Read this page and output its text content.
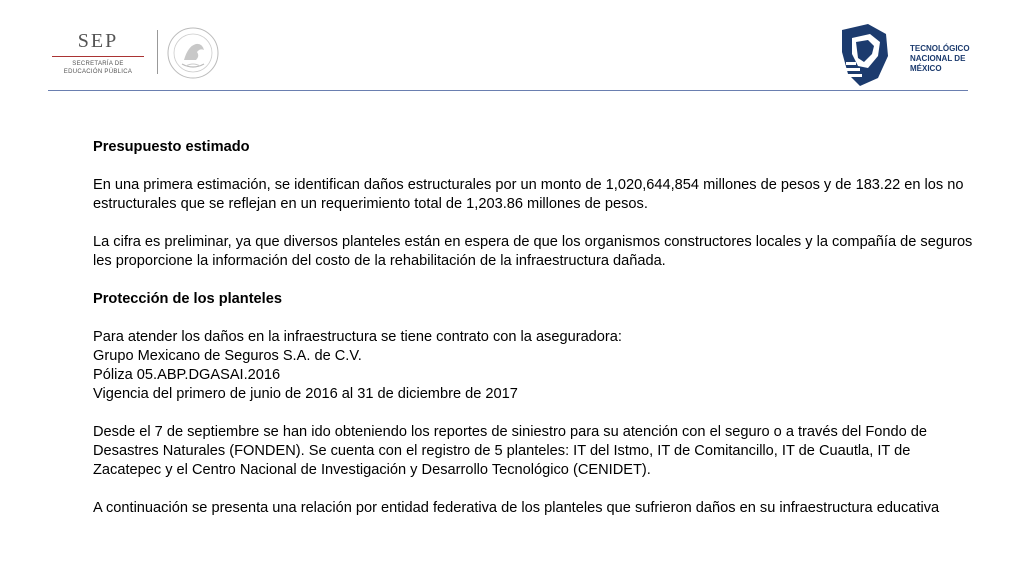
SEP
SECRETARÍA DE
EDUCACIÓN PÚBLICA
TECNOLÓGICO
NACIONAL DE MÉXICO

Presupuesto estimado

En una primera estimación, se identifican daños estructurales por un monto de 1,020,644,854 millones de pesos y de 183.22 en los no estructurales que se reflejan en un requerimiento total de 1,203.86 millones de pesos.

La cifra es preliminar, ya que diversos planteles están en espera de que los organismos constructores locales y la compañía de seguros les proporcione la información del costo de la rehabilitación de la infraestructura dañada.

Protección de los planteles

Para atender los daños en la infraestructura se tiene contrato con la aseguradora:

Grupo Mexicano de Seguros S.A. de C.V.

Póliza 05.ABP.DGASAI.2016

Vigencia del primero de junio de 2016 al 31 de diciembre de 2017

Desde el 7 de septiembre se han ido obteniendo los reportes de siniestro para su atención con el seguro o a través del Fondo de Desastres Naturales (FONDEN). Se cuenta con el registro de 5 planteles: IT del Istmo, IT de Comitancillo, IT de Cuautla, IT de Zacatepec y el Centro Nacional de Investigación y Desarrollo Tecnológico (CENIDET).

A continuación se presenta una relación por entidad federativa de los planteles que sufrieron daños en su infraestructura educativa
